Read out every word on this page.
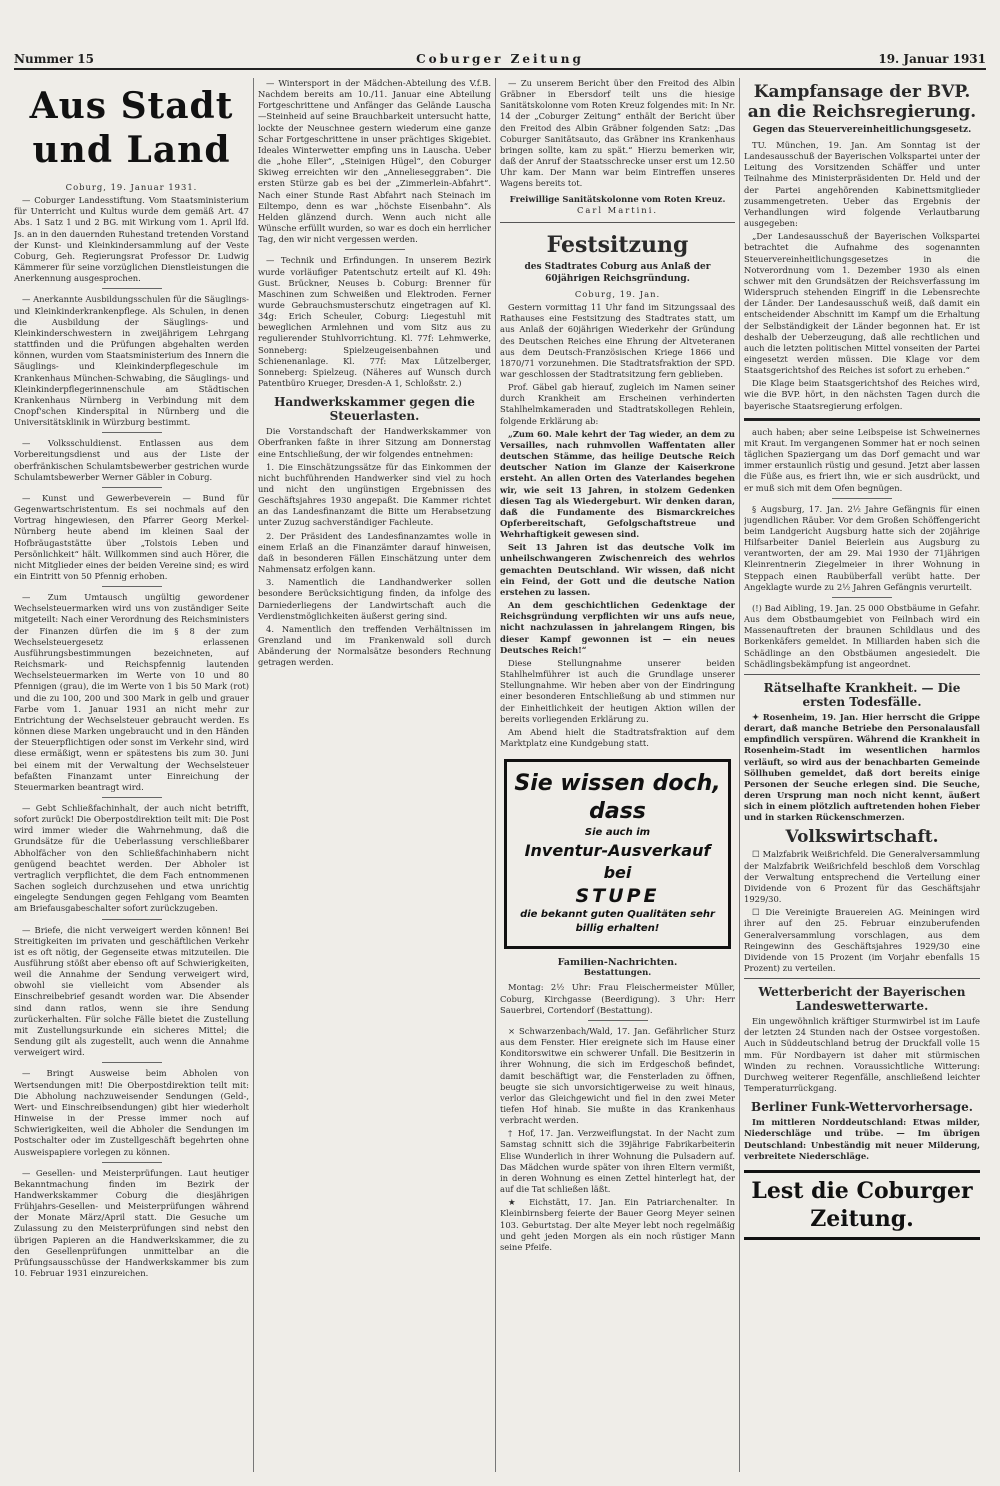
Nummer 15	Coburger Zeitung	19. Januar 1931
Aus Stadt und Land
Coburg, 19. Januar 1931.

— Coburger Landesstiftung. Vom Staatsministerium für Unterricht und Kultus wurde dem gemäß Art. 47 Abs. 1 Satz 1 und 2 BG. mit Wirkung vom 1. April lfd. Js. an in den dauernden Ruhestand tretenden Vorstand der Kunst- und Kleinkindersammlung auf der Veste Coburg, Geh. Regierungsrat Professor Dr. Ludwig Kämmerer für seine vorzüglichen Dienstleistungen die Anerkennung ausgesprochen.

— Anerkannte Ausbildungsschulen für die Säuglings- und Kleinkinderkrankenpflege. Als Schulen, in denen die Ausbildung der Säuglings- und Kleinkinderschwestern in zweijährigem Lehrgang stattfinden und die Prüfungen abgehalten werden können, wurden vom Staatsministerium des Innern die Säuglings- und Kleinkinderpflegeschule im Krankenhaus München-Schwabing, die Säuglings- und Kleinkinderpflegerinnenschule am Städtischen Krankenhaus Nürnberg in Verbindung mit dem Cnopf'schen Kinderspital in Nürnberg und die Universitätsklinik in Würzburg bestimmt.

— Volksschuldienst. Entlassen aus dem Vorbereitungsdienst und aus der Liste der oberfränkischen Schulamtsbewerber gestrichen wurde Schulamtsbewerber Werner Gäbler in Coburg.

— Kunst und Gewerbeverein — Bund für Gegenwartschristentum. Es sei nochmals auf den Vortrag hingewiesen, den Pfarrer Georg Merkel-Nürnberg heute abend im kleinen Saal der Hofbräugaststätte über „Tolstois Leben und Persönlichkeit“ hält. Willkommen sind auch Hörer, die nicht Mitglieder eines der beiden Vereine sind; es wird ein Eintritt von 50 Pfennig erhoben.

— Zum Umtausch ungültig gewordener Wechselsteuermarken wird uns von zuständiger Seite mitgeteilt: Nach einer Verordnung des Reichsministers der Finanzen dürfen die im § 8 der zum Wechselsteuergesetz erlassenen Ausführungsbestimmungen bezeichneten, auf Reichsmark- und Reichspfennig lautenden Wechselsteuermarken im Werte von 10 und 80 Pfennigen (grau), die im Werte von 1 bis 50 Mark (rot) und die zu 100, 200 und 300 Mark in gelb und grauer Farbe vom 1. Januar 1931 an nicht mehr zur Entrichtung der Wechselsteuer gebraucht werden. Es können diese Marken ungebraucht und in den Händen der Steuerpflichtigen oder sonst im Verkehr sind, wird diese ermäßigt, wenn er spätestens bis zum 30. Juni bei einem mit der Verwaltung der Wechselsteuer befaßten Finanzamt unter Einreichung der Steuermarken beantragt wird.

— Gebt Schließfachinhalt, der auch nicht betrifft, sofort zurück! Die Oberpostdirektion teilt mit: Die Post wird immer wieder die Wahrnehmung, daß die Grundsätze für die Ueberlassung verschließbarer Abholfächer von den Schließfachinhabern nicht genügend beachtet werden. Der Abholer ist vertraglich verpflichtet, die dem Fach entnommenen Sachen sogleich durchzusehen und etwa unrichtig eingelegte Sendungen gegen Fehlgang vom Beamten am Briefausgabeschalter sofort zurückzugeben.

— Briefe, die nicht verweigert werden können! Bei Streitigkeiten im privaten und geschäftlichen Verkehr ist es oft nötig, der Gegenseite etwas mitzuteilen. Die Ausführung stößt aber ebenso oft auf Schwierigkeiten, weil die Annahme der Sendung verweigert wird, obwohl sie vielleicht vom Absender als Einschreibebrief gesandt worden war. Die Absender sind dann ratlos, wenn sie ihre Sendung zurückerhalten. Für solche Fälle bietet die Zustellung mit Zustellungsurkunde ein sicheres Mittel; die Sendung gilt als zugestellt, auch wenn die Annahme verweigert wird.

— Bringt Ausweise beim Abholen von Wertsendungen mit! Die Oberpostdirektion teilt mit: Die Abholung nachzuweisender Sendungen (Geld-, Wert- und Einschreibsendungen) gibt hier wiederholt Hinweise in der Presse immer noch auf Schwierigkeiten, weil die Abholer die Sendungen im Postschalter oder im Zustellgeschäft begehrten ohne Ausweispapiere vorlegen zu können.

— Gesellen- und Meisterprüfungen. Laut heutiger Bekanntmachung finden im Bezirk der Handwerkskammer Coburg die diesjährigen Frühjahrs-Gesellen- und Meisterprüfungen während der Monate März/April statt. Die Gesuche um Zulassung zu den Meisterprüfungen sind nebst den übrigen Papieren an die Handwerkskammer, die zu den Gesellenprüfungen unmittelbar an die Prüfungsausschüsse der Handwerkskammer bis zum 10. Februar 1931 einzureichen.

— Wintersport in der Mädchen-Abteilung des V.f.B. Nachdem bereits am 10./11. Januar eine Abteilung Fortgeschrittene und Anfänger das Gelände Lauscha—Steinheid auf seine Brauchbarkeit untersucht hatte, lockte der Neuschnee gestern wiederum eine ganze Schar Fortgeschrittene in unser prächtiges Skigebiet. Ideales Winterwetter empfing uns in Lauscha. Ueber die „hohe Eller“, „Steinigen Hügel“, den Coburger Skiweg erreichten wir den „Annelieseggraben“. Die ersten Stürze gab es bei der „Zimmerlein-Abfahrt“. Nach einer Stunde Rast Abfahrt nach Steinach im Eiltempo, denn es war „höchste Eisenbahn“. Als Helden glänzend durch. Wenn auch nicht alle Wünsche erfüllt wurden, so war es doch ein herrlicher Tag, den wir nicht vergessen werden.

— Technik und Erfindungen. In unserem Bezirk wurde vorläufiger Patentschutz erteilt auf Kl. 49h: Gust. Brückner, Neuses b. Coburg: Brenner für Maschinen zum Schweißen und Elektroden. Ferner wurde Gebrauchsmusterschutz eingetragen auf Kl. 34g: Erich Scheuler, Coburg: Liegestuhl mit beweglichen Armlehnen und vom Sitz aus zu regulierender Stuhlvorrichtung. Kl. 77f: Lehmwerke, Sonneberg: Spielzeugeisenbahnen und Schienenanlage. Kl. 77f: Max Lützelberger, Sonneberg: Spielzeug. (Näheres auf Wunsch durch Patentbüro Krueger, Dresden-A 1, Schloßstr. 2.)

Handwerkskammer gegen die Steuerlasten.

Die Vorstandschaft der Handwerkskammer von Oberfranken faßte in ihrer Sitzung am Donnerstag eine Entschließung, der wir folgendes entnehmen:

1. Die Einschätzungssätze für das Einkommen der nicht buchführenden Handwerker sind viel zu hoch und nicht den ungünstigen Ergebnissen des Geschäftsjahres 1930 angepaßt. Die Kammer richtet an das Landesfinanzamt die Bitte um Herabsetzung unter Zuzug sachverständiger Fachleute.

2. Der Präsident des Landesfinanzamtes wolle in einem Erlaß an die Finanzämter darauf hinweisen, daß in besonderen Fällen Einschätzung unter dem Nahmensatz erfolgen kann.

3. Namentlich die Landhandwerker sollen besondere Berücksichtigung finden, da infolge des Darniederliegens der Landwirtschaft auch die Verdienstmöglichkeiten äußerst gering sind.

4. Namentlich den treffenden Verhältnissen im Grenzland und im Frankenwald soll durch Abänderung der Normalsätze besonders Rechnung getragen werden.

— Zu unserem Bericht über den Freitod des Albin Gräbner in Ebersdorf teilt uns die hiesige Sanitätskolonne vom Roten Kreuz folgendes mit: In Nr. 14 der „Coburger Zeitung“ enthält der Bericht über den Freitod des Albin Gräbner folgenden Satz: „Das Coburger Sanitätsauto, das Gräbner ins Krankenhaus bringen sollte, kam zu spät.“ Hierzu bemerken wir, daß der Anruf der Staatsschrecke unser erst um 12.50 Uhr kam. Der Mann war beim Eintreffen unseres Wagens bereits tot.

Freiwillige Sanitätskolonne vom Roten Kreuz.
Carl Martini.
Festsitzung
des Stadtrates Coburg aus Anlaß der 60jährigen Reichsgründung.
Coburg, 19. Jan.

Gestern vormittag 11 Uhr fand im Sitzungssaal des Rathauses eine Festsitzung des Stadtrates statt, um aus Anlaß der 60jährigen Wiederkehr der Gründung des Deutschen Reiches eine Ehrung der Altveteranen aus dem Deutsch-Französischen Kriege 1866 und 1870/71 vorzunehmen. Die Stadtratsfraktion der SPD. war geschlossen der Stadtratsitzung fern geblieben.

Prof. Gäbel gab hierauf, zugleich im Namen seiner durch Krankheit am Erscheinen verhinderten Stahlhelmkameraden und Stadtratskollegen Rehlein, folgende Erklärung ab:

„Zum 60. Male kehrt der Tag wieder, an dem zu Versailles, nach ruhmvollen Waffentaten aller deutschen Stämme, das heilige Deutsche Reich deutscher Nation im Glanze der Kaiserkrone ersteht. An allen Orten des Vaterlandes begehen wir, wie seit 13 Jahren, in stolzem Gedenken diesen Tag als Wiedergeburt. Wir denken daran, daß die Fundamente des Bismarckreiches Opferbereitschaft, Gefolgschaftstreue und Wehrhaftigkeit gewesen sind.

Seit 13 Jahren ist das deutsche Volk im unheilschwangeren Zwischenreich des wehrlos gemachten Deutschland. Wir wissen, daß nicht ein Feind, der Gott und die deutsche Nation erstehen zu lassen.

An dem geschichtlichen Gedenktage der Reichsgründung verpflichten wir uns aufs neue, nicht nachzulassen in jahrelangem Ringen, bis dieser Kampf gewonnen ist — ein neues Deutsches Reich!“

Diese Stellungnahme unserer beiden Stahlhelmführer ist auch die Grundlage unserer Stellungnahme. Wir heben aber von der Eindringung einer besonderen Entschließung ab und stimmen nur der Einheitlichkeit der heutigen Aktion willen der bereits vorliegenden Erklärung zu.

Am Abend hielt die Stadtratsfraktion auf dem Marktplatz eine Kundgebung statt.

Sie wissen doch, dass
Sie auch im
Inventur-Ausverkauf bei
STUPE
die bekannt guten Qualitäten sehr billig erhalten!
Familien-Nachrichten.
Bestattungen.

Montag: 2½ Uhr: Frau Fleischermeister Müller, Coburg, Kirchgasse (Beerdigung). 3 Uhr: Herr Sauerbrei, Cortendorf (Bestattung).

× Schwarzenbach/Wald, 17. Jan. Gefährlicher Sturz aus dem Fenster. Hier ereignete sich im Hause einer Konditorswitwe ein schwerer Unfall. Die Besitzerin in ihrer Wohnung, die sich im Erdgeschoß befindet, damit beschäftigt war, die Fensterladen zu öffnen, beugte sie sich unvorsichtigerweise zu weit hinaus, verlor das Gleichgewicht und fiel in den zwei Meter tiefen Hof hinab. Sie mußte in das Krankenhaus verbracht werden.

† Hof, 17. Jan. Verzweiflungstat. In der Nacht zum Samstag schnitt sich die 39jährige Fabrikarbeiterin Elise Wunderlich in ihrer Wohnung die Pulsadern auf. Das Mädchen wurde später von ihren Eltern vermißt, in deren Wohnung es einen Zettel hinterlegt hat, der auf die Tat schließen läßt.

★ Eichstätt, 17. Jan. Ein Patriarchenalter. In Kleinbirnsberg feierte der Bauer Georg Meyer seinen 103. Geburtstag. Der alte Meyer lebt noch regelmäßig und geht jeden Morgen als ein noch rüstiger Mann seine Pfeife.

Kampfansage der BVP. an die Reichsregierung.
Gegen das Steuervereinheitlichungsgesetz.

TU. München, 19. Jan. Am Sonntag ist der Landesausschuß der Bayerischen Volkspartei unter der Leitung des Vorsitzenden Schäffer und unter Teilnahme des Ministerpräsidenten Dr. Held und der der Partei angehörenden Kabinettsmitglieder zusammengetreten. Ueber das Ergebnis der Verhandlungen wird folgende Verlautbarung ausgegeben:

„Der Landesausschuß der Bayerischen Volkspartei betrachtet die Aufnahme des sogenannten Steuervereinheitlichungsgesetzes in die Notverordnung vom 1. Dezember 1930 als einen schwer mit den Grundsätzen der Reichsverfassung im Widerspruch stehenden Eingriff in die Lebensrechte der Länder. Der Landesausschuß weiß, daß damit ein entscheidender Abschnitt im Kampf um die Erhaltung der Selbständigkeit der Länder begonnen hat. Er ist deshalb der Ueberzeugung, daß alle rechtlichen und auch die letzten politischen Mittel vonseiten der Partei eingesetzt werden müssen. Die Klage vor dem Staatsgerichtshof des Reiches ist sofort zu erheben.“

Die Klage beim Staatsgerichtshof des Reiches wird, wie die BVP. hört, in den nächsten Tagen durch die bayerische Staatsregierung erfolgen.

auch haben; aber seine Leibspeise ist Schweinernes mit Kraut. Im vergangenen Sommer hat er noch seinen täglichen Spaziergang um das Dorf gemacht und war immer erstaunlich rüstig und gesund. Jetzt aber lassen die Füße aus, es friert ihn, wie er sich ausdrückt, und er muß sich mit dem Ofen begnügen.

§ Augsburg, 17. Jan. 2½ Jahre Gefängnis für einen jugendlichen Räuber. Vor dem Großen Schöffengericht beim Landgericht Augsburg hatte sich der 20jährige Hilfsarbeiter Daniel Beierlein aus Augsburg zu verantworten, der am 29. Mai 1930 der 71jährigen Kleinrentnerin Ziegelmeier in ihrer Wohnung in Steppach einen Raubüberfall verübt hatte. Der Angeklagte wurde zu 2½ Jahren Gefängnis verurteilt.

(!) Bad Aibling, 19. Jan. 25 000 Obstbäume in Gefahr. Aus dem Obstbaumgebiet von Feilnbach wird ein Massenauftreten der braunen Schildlaus und des Borkenkäfers gemeldet. In Milliarden haben sich die Schädlinge an den Obstbäumen angesiedelt. Die Schädlingsbekämpfung ist angeordnet.

Rätselhafte Krankheit. — Die ersten Todesfälle.

✦ Rosenheim, 19. Jan. Hier herrscht die Grippe derart, daß manche Betriebe den Personalausfall empfindlich verspüren. Während die Krankheit in Rosenheim-Stadt im wesentlichen harmlos verläuft, so wird aus der benachbarten Gemeinde Söllhuben gemeldet, daß dort bereits einige Personen der Seuche erlegen sind. Die Seuche, deren Ursprung man noch nicht kennt, äußert sich in einem plötzlich auftretenden hohen Fieber und in starken Rückenschmerzen.

Volkswirtschaft.

☐ Malzfabrik Weißrichfeld. Die Generalversammlung der Malzfabrik Weißrichfeld beschloß dem Vorschlag der Verwaltung entsprechend die Verteilung einer Dividende von 6 Prozent für das Geschäftsjahr 1929/30.

☐ Die Vereinigte Brauereien AG. Meiningen wird ihrer auf den 25. Februar einzuberufenden Generalversammlung vorschlagen, aus dem Reingewinn des Geschäftsjahres 1929/30 eine Dividende von 15 Prozent (im Vorjahr ebenfalls 15 Prozent) zu verteilen.

Wetterbericht der Bayerischen Landeswetterwarte.

Ein ungewöhnlich kräftiger Sturmwirbel ist im Laufe der letzten 24 Stunden nach der Ostsee vorgestoßen. Auch in Süddeutschland betrug der Druckfall volle 15 mm. Für Nordbayern ist daher mit stürmischen Winden zu rechnen. Voraussichtliche Witterung: Durchweg weiterer Regenfälle, anschließend leichter Temperaturrückgang.

Berliner Funk-Wettervorhersage.

Im mittleren Norddeutschland: Etwas milder, Niederschläge und trübe. — Im übrigen Deutschland: Unbeständig mit neuer Milderung, verbreitete Niederschläge.

Lest die Coburger Zeitung.
